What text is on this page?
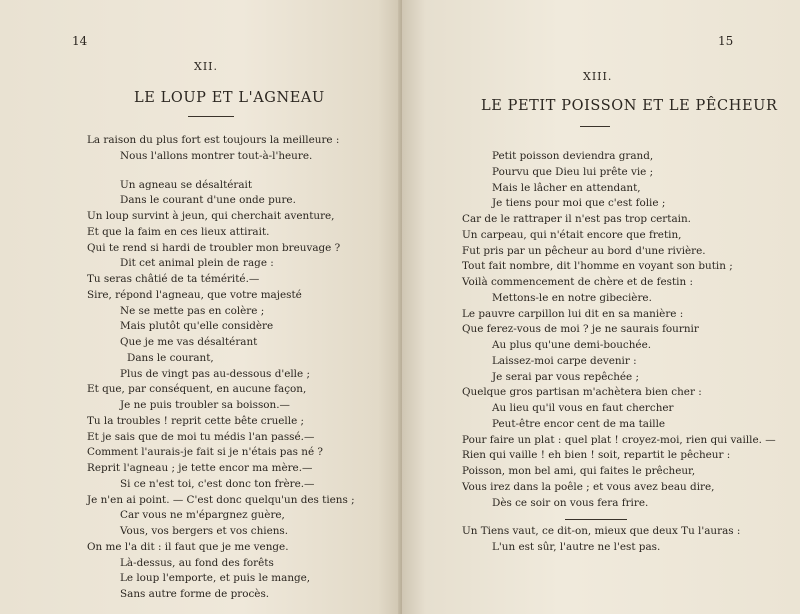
14
XII.
LE LOUP ET L'AGNEAU
La raison du plus fort est toujours la meilleure :
Nous l'allons montrer tout-à-l'heure.
Un agneau se désaltérait
Dans le courant d'une onde pure.
Un loup survint à jeun, qui cherchait aventure,
Et que la faim en ces lieux attirait.
Qui te rend si hardi de troubler mon breuvage ?
Dit cet animal plein de rage :
Tu seras châtié de ta témérité.—
Sire, répond l'agneau, que votre majesté
Ne se mette pas en colère ;
Mais plutôt qu'elle considère
Que je me vas désaltérant
Dans le courant,
Plus de vingt pas au-dessous d'elle ;
Et que, par conséquent, en aucune façon,
Je ne puis troubler sa boisson.—
Tu la troubles ! reprit cette bête cruelle ;
Et je sais que de moi tu médis l'an passé.—
Comment l'aurais-je fait si je n'étais pas né ?
Reprit l'agneau ; je tette encor ma mère.—
Si ce n'est toi, c'est donc ton frère.—
Je n'en ai point. — C'est donc quelqu'un des tiens ;
Car vous ne m'épargnez guère,
Vous, vos bergers et vos chiens.
On me l'a dit : il faut que je me venge.
Là-dessus, au fond des forêts
Le loup l'emporte, et puis le mange,
Sans autre forme de procès.
15
XIII.
LE PETIT POISSON ET LE PÊCHEUR
Petit poisson deviendra grand,
Pourvu que Dieu lui prête vie ;
Mais le lâcher en attendant,
Je tiens pour moi que c'est folie ;
Car de le rattraper il n'est pas trop certain.
Un carpeau, qui n'était encore que fretin,
Fut pris par un pêcheur au bord d'une rivière.
Tout fait nombre, dit l'homme en voyant son butin ;
Voilà commencement de chère et de festin :
Mettons-le en notre gibecière.
Le pauvre carpillon lui dit en sa manière :
Que ferez-vous de moi ? je ne saurais fournir
Au plus qu'une demi-bouchée.
Laissez-moi carpe devenir :
Je serai par vous repêchée ;
Quelque gros partisan m'achètera bien cher :
Au lieu qu'il vous en faut chercher
Peut-être encor cent de ma taille
Pour faire un plat : quel plat ! croyez-moi, rien qui vaille. —
Rien qui vaille ! eh bien ! soit, repartit le pêcheur :
Poisson, mon bel ami, qui faites le prêcheur,
Vous irez dans la poêle ; et vous avez beau dire,
Dès ce soir on vous fera frire.
Un Tiens vaut, ce dit-on, mieux que deux Tu l'auras :
L'un est sûr, l'autre ne l'est pas.
